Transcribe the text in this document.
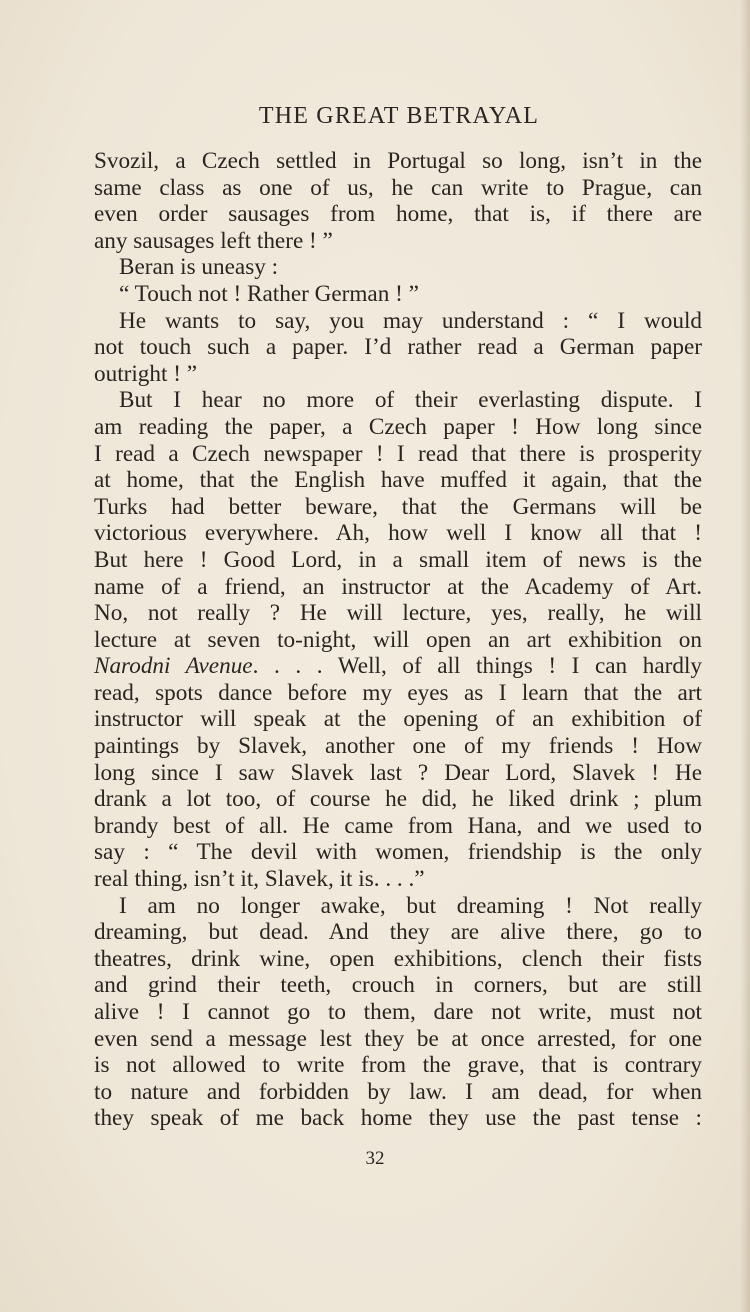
THE GREAT BETRAYAL
Svozil, a Czech settled in Portugal so long, isn’t in the
same class as one of us, he can write to Prague, can
even order sausages from home, that is, if there are
any sausages left there ! ”
Beran is uneasy :
“ Touch not ! Rather German ! ”
He wants to say, you may understand : “ I would
not touch such a paper. I’d rather read a German paper
outright ! ”
But I hear no more of their everlasting dispute. I
am reading the paper, a Czech paper ! How long since
I read a Czech newspaper ! I read that there is prosperity
at home, that the English have muffed it again, that the
Turks had better beware, that the Germans will be
victorious everywhere. Ah, how well I know all that !
But here ! Good Lord, in a small item of news is the
name of a friend, an instructor at the Academy of Art.
No, not really ? He will lecture, yes, really, he will
lecture at seven to-night, will open an art exhibition on
Narodni Avenue. . . . Well, of all things ! I can hardly
read, spots dance before my eyes as I learn that the art
instructor will speak at the opening of an exhibition of
paintings by Slavek, another one of my friends ! How
long since I saw Slavek last ? Dear Lord, Slavek ! He
drank a lot too, of course he did, he liked drink ; plum
brandy best of all. He came from Hana, and we used to
say : “ The devil with women, friendship is the only
real thing, isn’t it, Slavek, it is. . . .”
I am no longer awake, but dreaming ! Not really
dreaming, but dead. And they are alive there, go to
theatres, drink wine, open exhibitions, clench their fists
and grind their teeth, crouch in corners, but are still
alive ! I cannot go to them, dare not write, must not
even send a message lest they be at once arrested, for one
is not allowed to write from the grave, that is contrary
to nature and forbidden by law. I am dead, for when
they speak of me back home they use the past tense :
32
